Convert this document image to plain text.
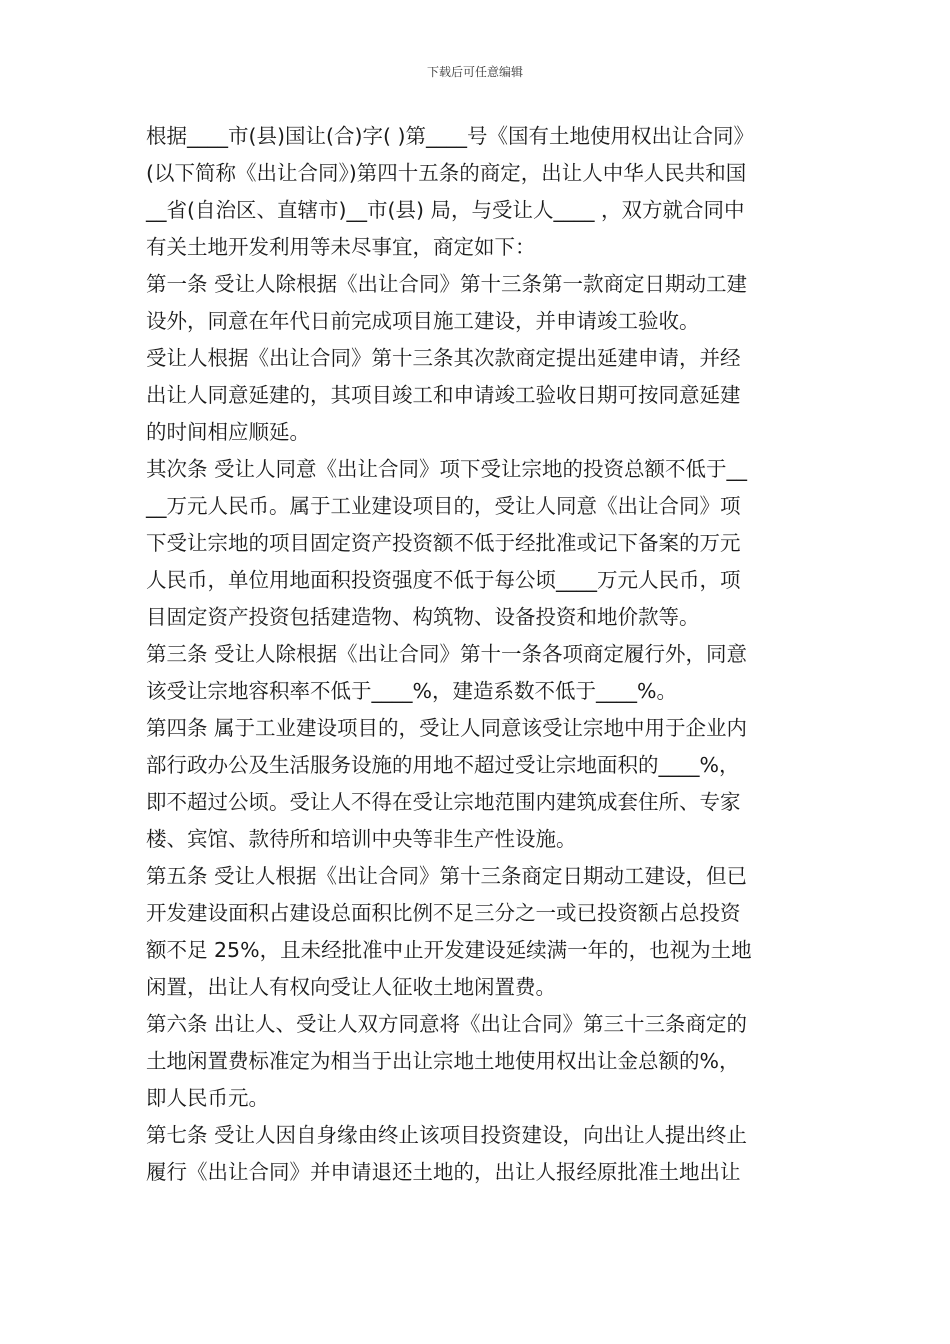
下载后可任意编辑
根据____市(县)国让(合)字( )第____号《国有土地使用权出让合同》
(以下简称《出让合同》)第四十五条的商定，出让人中华人民共和国
__省(自治区、直辖市)__市(县) 局，与受让人____ ，双方就合同中
有关土地开发利用等未尽事宜，商定如下：
第一条 受让人除根据《出让合同》第十三条第一款商定日期动工建
设外，同意在年代日前完成项目施工建设，并申请竣工验收。
受让人根据《出让合同》第十三条其次款商定提出延建申请，并经
出让人同意延建的，其项目竣工和申请竣工验收日期可按同意延建
的时间相应顺延。
其次条 受让人同意《出让合同》项下受让宗地的投资总额不低于__
__万元人民币。属于工业建设项目的，受让人同意《出让合同》项
下受让宗地的项目固定资产投资额不低于经批准或记下备案的万元
人民币，单位用地面积投资强度不低于每公顷____万元人民币，项
目固定资产投资包括建造物、构筑物、设备投资和地价款等。
第三条 受让人除根据《出让合同》第十一条各项商定履行外，同意
该受让宗地容积率不低于____%，建造系数不低于____%。
第四条 属于工业建设项目的，受让人同意该受让宗地中用于企业内
部行政办公及生活服务设施的用地不超过受让宗地面积的____%，
即不超过公顷。受让人不得在受让宗地范围内建筑成套住所、专家
楼、宾馆、款待所和培训中央等非生产性设施。
第五条 受让人根据《出让合同》第十三条商定日期动工建设，但已
开发建设面积占建设总面积比例不足三分之一或已投资额占总投资
额不足 25%，且未经批准中止开发建设延续满一年的，也视为土地
闲置，出让人有权向受让人征收土地闲置费。
第六条 出让人、受让人双方同意将《出让合同》第三十三条商定的
土地闲置费标准定为相当于出让宗地土地使用权出让金总额的%，
即人民币元。
第七条 受让人因自身缘由终止该项目投资建设，向出让人提出终止
履行《出让合同》并申请退还土地的，出让人报经原批准土地出让
